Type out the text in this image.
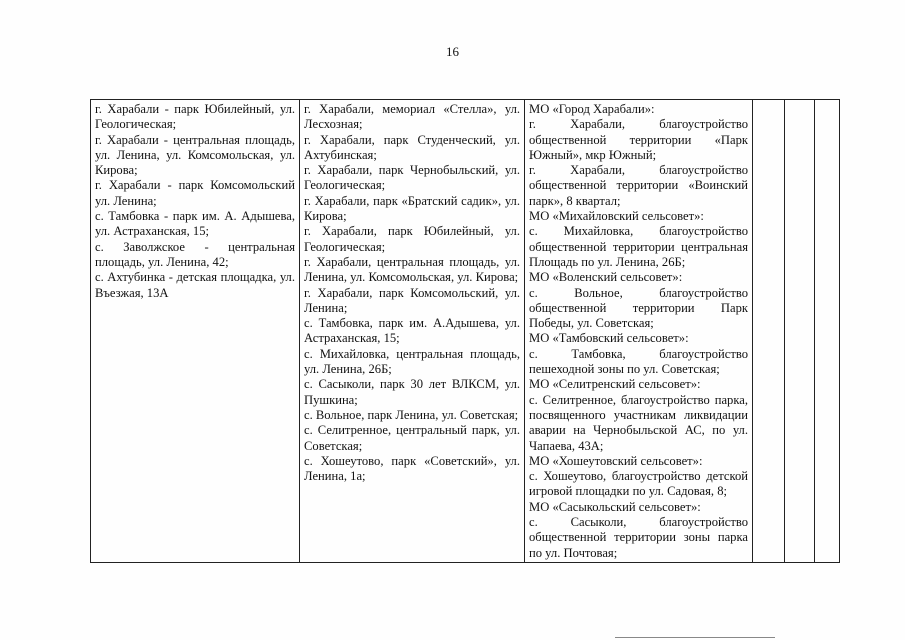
16
г. Харабали - парк Юбилейный, ул. Геологическая;
г. Харабали - центральная площадь, ул. Ленина, ул. Комсомольская, ул. Кирова;
г. Харабали - парк Комсомольский ул. Ленина;
с. Тамбовка - парк им. А. Адышева, ул. Астраханская, 15;
с. Заволжское - центральная площадь, ул. Ленина, 42;
с. Ахтубинка - детская площадка, ул. Въезжая, 13А

г. Харабали, мемориал «Стелла», ул. Лесхозная;
г. Харабали, парк Студенческий, ул. Ахтубинская;
г. Харабали, парк Чернобыльский, ул. Геологическая;
г. Харабали, парк «Братский садик», ул. Кирова;
г. Харабали, парк Юбилейный, ул. Геологическая;
г. Харабали, центральная площадь, ул. Ленина, ул. Комсомольская, ул. Кирова;
г. Харабали, парк Комсомольский, ул. Ленина;
с. Тамбовка, парк им. А.Адышева, ул. Астраханская, 15;
с. Михайловка, центральная площадь, ул. Ленина, 26Б;
с. Сасыколи, парк 30 лет ВЛКСМ, ул. Пушкина;
с. Вольное, парк Ленина, ул. Советская;
с. Селитренное, центральный парк, ул. Советская;
с. Хошеутово, парк «Советский», ул. Ленина, 1а;

МО «Город Харабали»:
г. Харабали, благоустройство общественной территории «Парк Южный», мкр Южный;
г. Харабали, благоустройство общественной территории «Воинский парк», 8 квартал;
МО «Михайловский сельсовет»:
с. Михайловка, благоустройство общественной территории центральная Площадь по ул. Ленина, 26Б;
МО «Воленский сельсовет»:
с. Вольное, благоустройство общественной территории Парк Победы, ул. Советская;
МО «Тамбовский сельсовет»:
с. Тамбовка, благоустройство пешеходной зоны по ул. Советская;
МО «Селитренский сельсовет»:
с. Селитренное, благоустройство парка, посвященного участникам ликвидации аварии на Чернобыльской АС, по ул. Чапаева, 43А;
МО «Хошеутовский сельсовет»:
с. Хошеутово, благоустройство детской игровой площадки по ул. Садовая, 8;
МО «Сасыкольский сельсовет»:
с. Сасыколи, благоустройство общественной территории зоны парка по ул. Почтовая;
